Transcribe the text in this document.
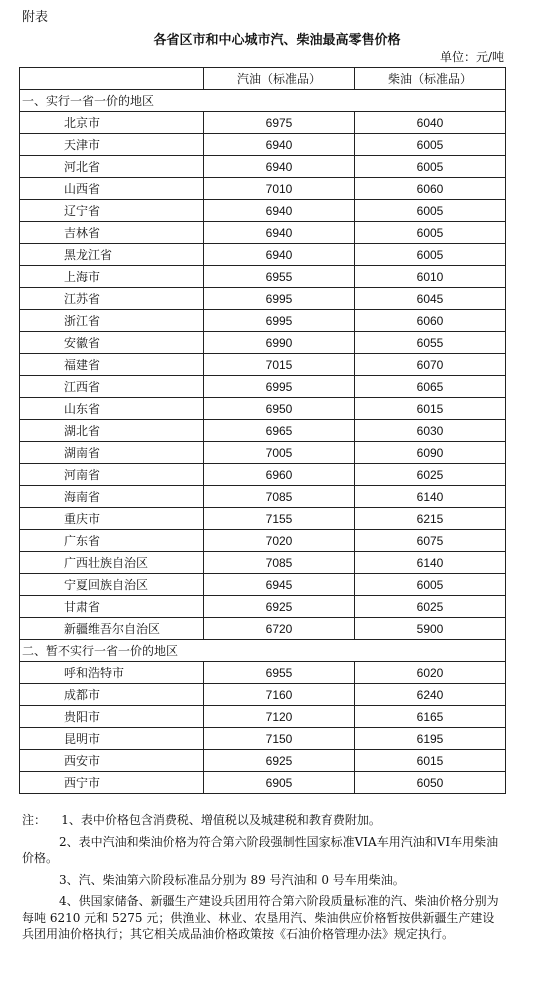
附表
各省区市和中心城市汽、柴油最高零售价格
单位：元/吨
	汽油（标准品）	柴油（标准品）
一、实行一省一价的地区		
北京市	6975	6040
天津市	6940	6005
河北省	6940	6005
山西省	7010	6060
辽宁省	6940	6005
吉林省	6940	6005
黑龙江省	6940	6005
上海市	6955	6010
江苏省	6995	6045
浙江省	6995	6060
安徽省	6990	6055
福建省	7015	6070
江西省	6995	6065
山东省	6950	6015
湖北省	6965	6030
湖南省	7005	6090
河南省	6960	6025
海南省	7085	6140
重庆市	7155	6215
广东省	7020	6075
广西壮族自治区	7085	6140
宁夏回族自治区	6945	6005
甘肃省	6925	6025
新疆维吾尔自治区	6720	5900
二、暂不实行一省一价的地区		
呼和浩特市	6955	6020
成都市	7160	6240
贵阳市	7120	6165
昆明市	7150	6195
西安市	6925	6015
西宁市	6905	6050

注： 1、表中价格包含消费税、增值税以及城建税和教育费附加。

2、表中汽油和柴油价格为符合第六阶段强制性国家标准VIA车用汽油和VI车用柴油价格。

3、汽、柴油第六阶段标准品分别为 89 号汽油和 0 号车用柴油。

4、供国家储备、新疆生产建设兵团用符合第六阶段质量标准的汽、柴油价格分别为每吨 6210 元和 5275 元；供渔业、林业、农垦用汽、柴油供应价格暂按供新疆生产建设兵团用油价格执行；其它相关成品油价格政策按《石油价格管理办法》规定执行。
